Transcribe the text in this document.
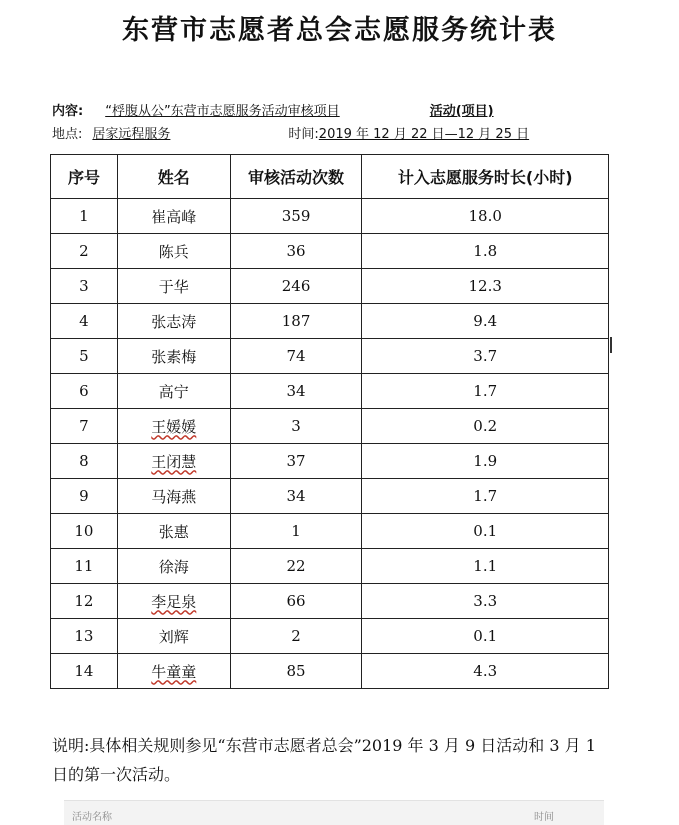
东营市志愿者总会志愿服务统计表
内容: “桴腹从公”东营市志愿服务活动审核项目	活动(项目)
地点: 居家远程服务	时间:2019 年 12 月 22 日—12 月 25 日
序号	姓名	审核活动次数	计入志愿服务时长(小时)
1	崔高峰	359	18.0
2	陈兵	36	1.8
3	于华	246	12.3
4	张志涛	187	9.4
5	张素梅	74	3.7
6	高宁	34	1.7
7	王媛媛	3	0.2
8	王闭慧	37	1.9
9	马海燕	34	1.7
10	张惠	1	0.1
11	徐海	22	1.1
12	李足泉	66	3.3
13	刘辉	2	0.1
14	牛童童	85	4.3
说明:具体相关规则参见“东营市志愿者总会”2019 年 3 月 9 日活动和 3 月 1 日的第一次活动。
活动名称	时间
